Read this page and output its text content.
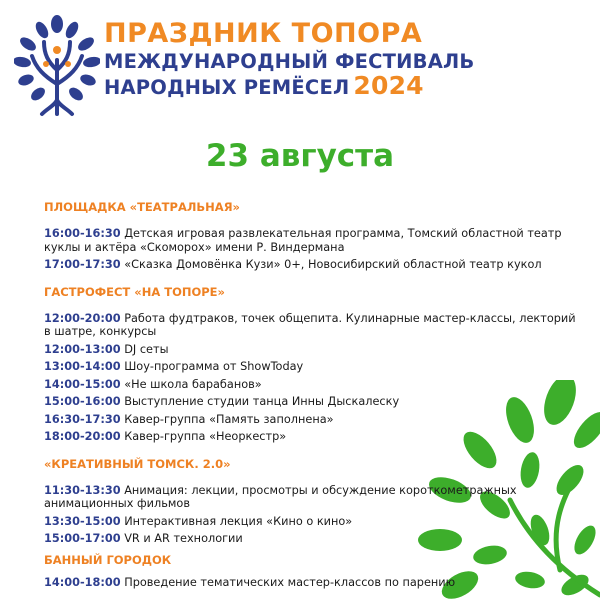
ПРАЗДНИК ТОПОРА
МЕЖДУНАРОДНЫЙ ФЕСТИВАЛЬ
НАРОДНЫХ РЕМЁСЕЛ 2024
23 августа
ПЛОЩАДКА «ТЕАТРАЛЬНАЯ»
16:00-16:30 Детская игровая развлекательная программа, Томский областной театр куклы и актёра «Скоморох» имени Р. Виндермана
17:00-17:30 «Сказка Домовёнка Кузи» 0+, Новосибирский областной театр кукол
ГАСТРОФЕСТ «НА ТОПОРЕ»
12:00-20:00 Работа фудтраков, точек общепита. Кулинарные мастер-классы, лекторий в шатре, конкурсы
12:00-13:00 DJ сеты
13:00-14:00 Шоу-программа от ShowToday
14:00-15:00 «Не школа барабанов»
15:00-16:00 Выступление студии танца Инны Дыскалеску
16:30-17:30 Кавер-группа «Память заполнена»
18:00-20:00 Кавер-группа «Неоркестр»
«КРЕАТИВНЫЙ ТОМСК. 2.0»
11:30-13:30 Анимация: лекции, просмотры и обсуждение короткометражных анимационных фильмов
13:30-15:00 Интерактивная лекция «Кино о кино»
15:00-17:00 VR и AR технологии
БАННЫЙ ГОРОДОК
14:00-18:00 Проведение тематических мастер-классов по парению
